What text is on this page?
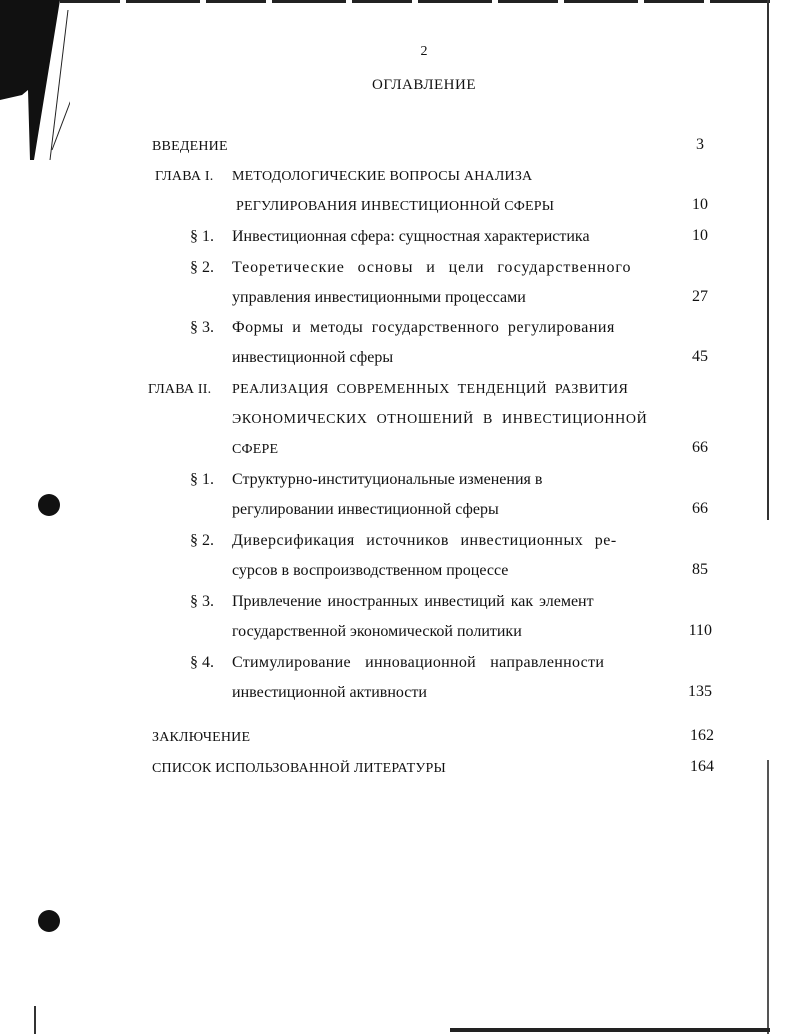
2
ОГЛАВЛЕНИЕ
ВВЕДЕНИЕ	3
ГЛАВА I. МЕТОДОЛОГИЧЕСКИЕ ВОПРОСЫ АНАЛИЗА
РЕГУЛИРОВАНИЯ ИНВЕСТИЦИОННОЙ СФЕРЫ	10
§ 1. Инвестиционная сфера: сущностная характеристика	10
§ 2. Теоретические основы и цели государственного
управления инвестиционными процессами	27
§ 3. Формы и методы государственного регулирования
инвестиционной сферы	45
ГЛАВА II. РЕАЛИЗАЦИЯ СОВРЕМЕННЫХ ТЕНДЕНЦИЙ РАЗВИТИЯ
ЭКОНОМИЧЕСКИХ ОТНОШЕНИЙ В ИНВЕСТИЦИОННОЙ
СФЕРЕ	66
§ 1. Структурно-институциональные изменения в
регулировании инвестиционной сферы	66
§ 2. Диверсификация источников инвестиционных ре-
сурсов в воспроизводственном процессе	85
§ 3. Привлечение иностранных инвестиций как элемент
государственной экономической политики	110
§ 4. Стимулирование инновационной направленности
инвестиционной активности	135
ЗАКЛЮЧЕНИЕ	162
СПИСОК ИСПОЛЬЗОВАННОЙ ЛИТЕРАТУРЫ	164
